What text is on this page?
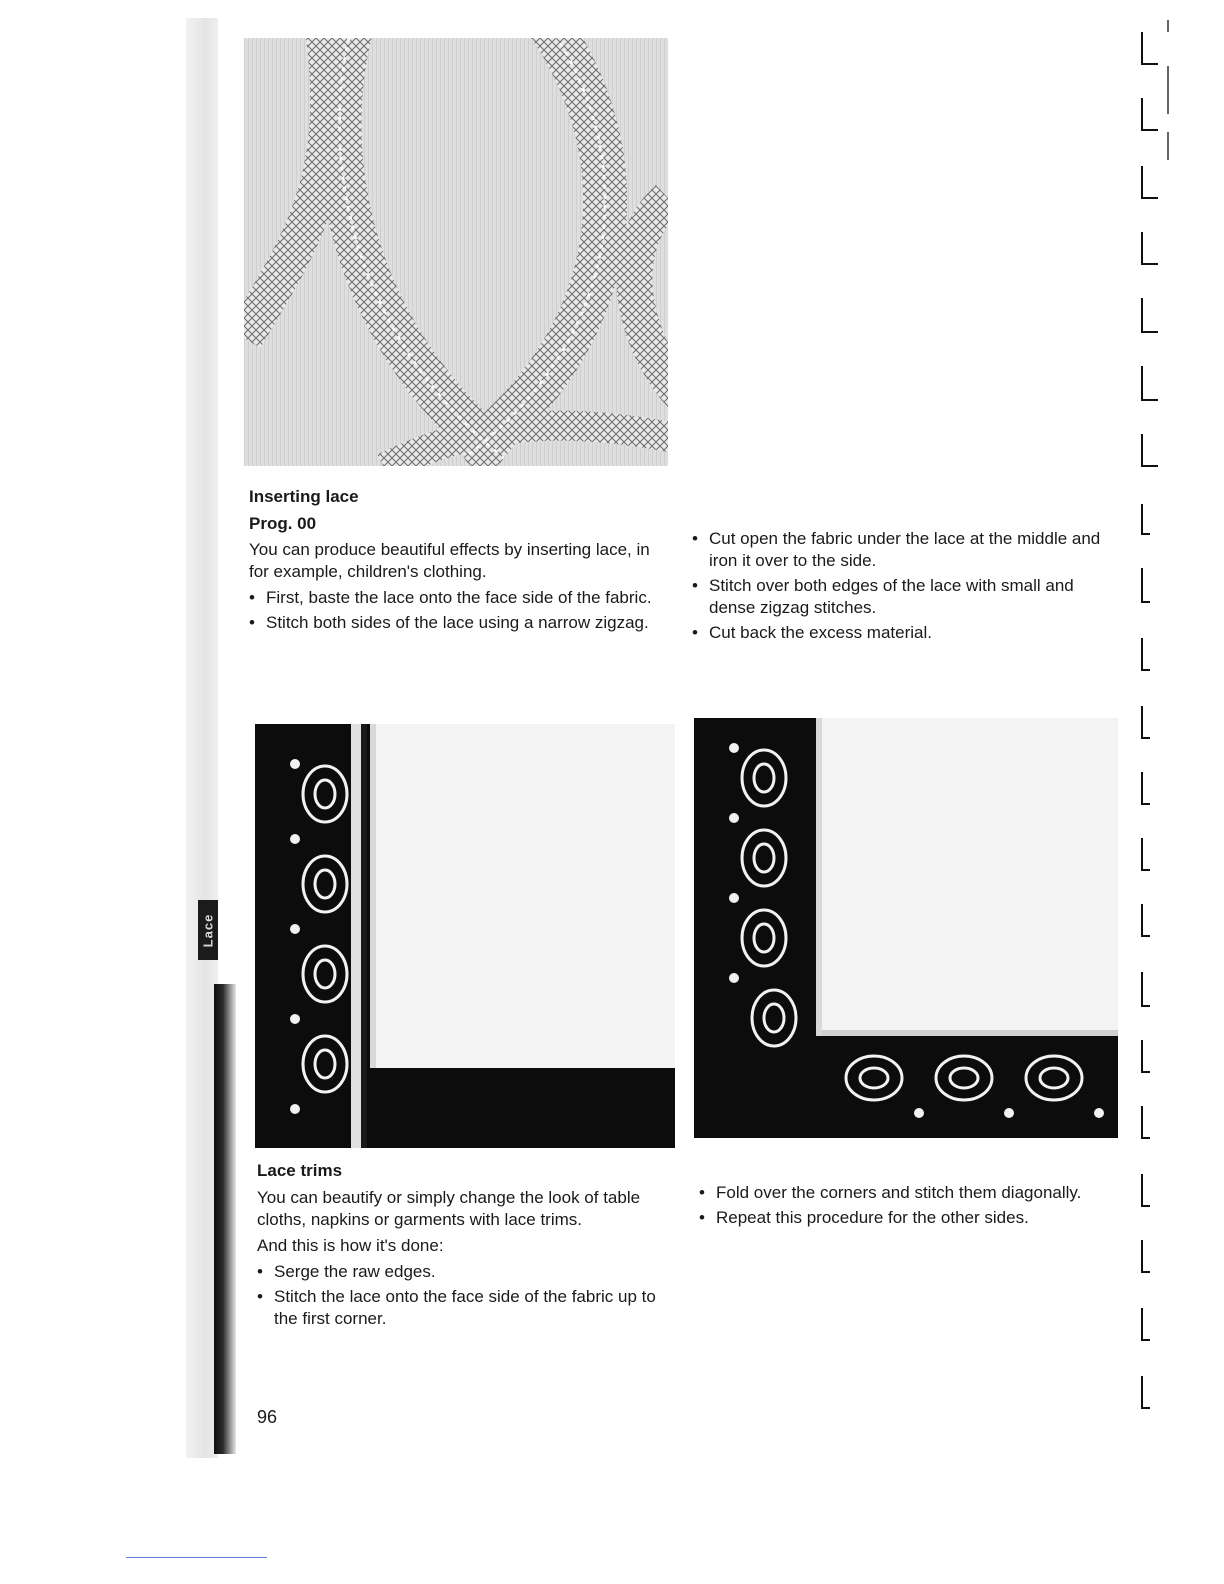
Lace
Inserting lace
Prog. 00

You can produce beautiful effects by inserting lace, in for example, children's clothing.

• First, baste the lace onto the face side of the fabric.
• Stitch both sides of the lace using a narrow zigzag.
• Cut open the fabric under the lace at the middle and iron it over to the side.
• Stitch over both edges of the lace with small and dense zigzag stitches.
• Cut back the excess material.
Lace trims

You can beautify or simply change the look of table cloths, napkins or garments with lace trims.

And this is how it's done:

• Serge the raw edges.
• Stitch the lace onto the face side of the fabric up to the first corner.
• Fold over the corners and stitch them diagonally.
• Repeat this procedure for the other sides.
96
